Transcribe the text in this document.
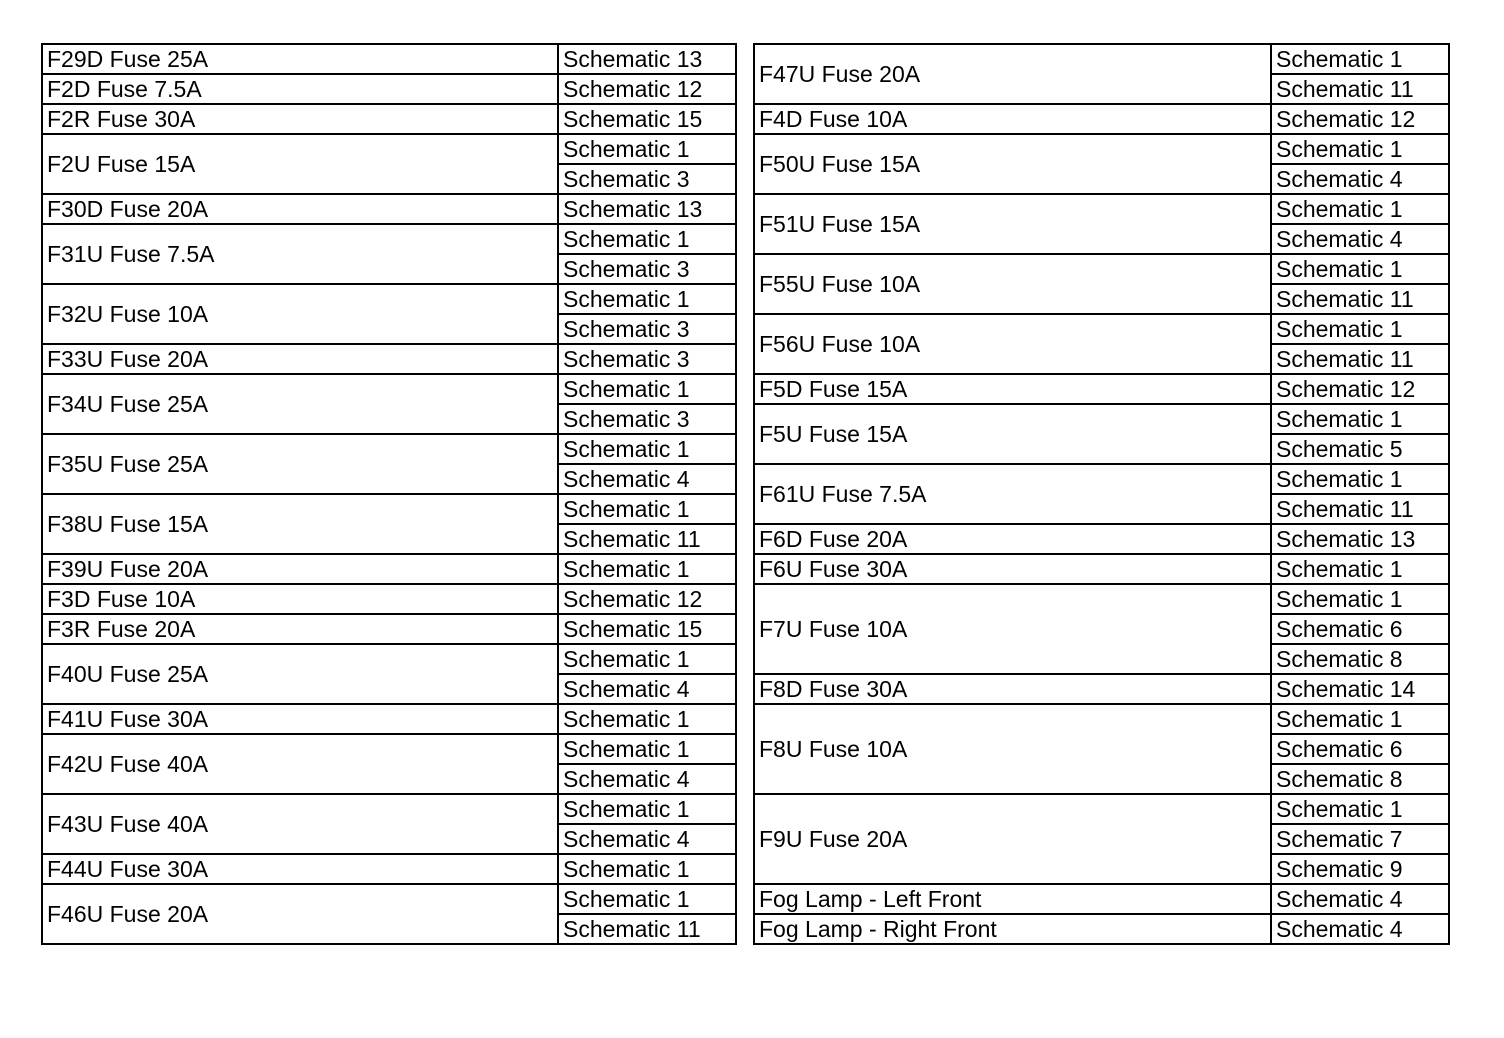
F29D Fuse 25A	Schematic 13
F2D Fuse 7.5A	Schematic 12
F2R Fuse 30A	Schematic 15
F2U Fuse 15A	Schematic 1
	Schematic 3
F30D Fuse 20A	Schematic 13
F31U Fuse 7.5A	Schematic 1
	Schematic 3
F32U Fuse 10A	Schematic 1
	Schematic 3
F33U Fuse 20A	Schematic 3
F34U Fuse 25A	Schematic 1
	Schematic 3
F35U Fuse 25A	Schematic 1
	Schematic 4
F38U Fuse 15A	Schematic 1
	Schematic 11
F39U Fuse 20A	Schematic 1
F3D Fuse 10A	Schematic 12
F3R Fuse 20A	Schematic 15
F40U Fuse 25A	Schematic 1
	Schematic 4
F41U Fuse 30A	Schematic 1
F42U Fuse 40A	Schematic 1
	Schematic 4
F43U Fuse 40A	Schematic 1
	Schematic 4
F44U Fuse 30A	Schematic 1
F46U Fuse 20A	Schematic 1
	Schematic 11
F47U Fuse 20A	Schematic 1
	Schematic 11
F4D Fuse 10A	Schematic 12
F50U Fuse 15A	Schematic 1
	Schematic 4
F51U Fuse 15A	Schematic 1
	Schematic 4
F55U Fuse 10A	Schematic 1
	Schematic 11
F56U Fuse 10A	Schematic 1
	Schematic 11
F5D Fuse 15A	Schematic 12
F5U Fuse 15A	Schematic 1
	Schematic 5
F61U Fuse 7.5A	Schematic 1
	Schematic 11
F6D Fuse 20A	Schematic 13
F6U Fuse 30A	Schematic 1
F7U Fuse 10A	Schematic 1
	Schematic 6
	Schematic 8
F8D Fuse 30A	Schematic 14
F8U Fuse 10A	Schematic 1
	Schematic 6
	Schematic 8
F9U Fuse 20A	Schematic 1
	Schematic 7
	Schematic 9
Fog Lamp - Left Front	Schematic 4
Fog Lamp - Right Front	Schematic 4
